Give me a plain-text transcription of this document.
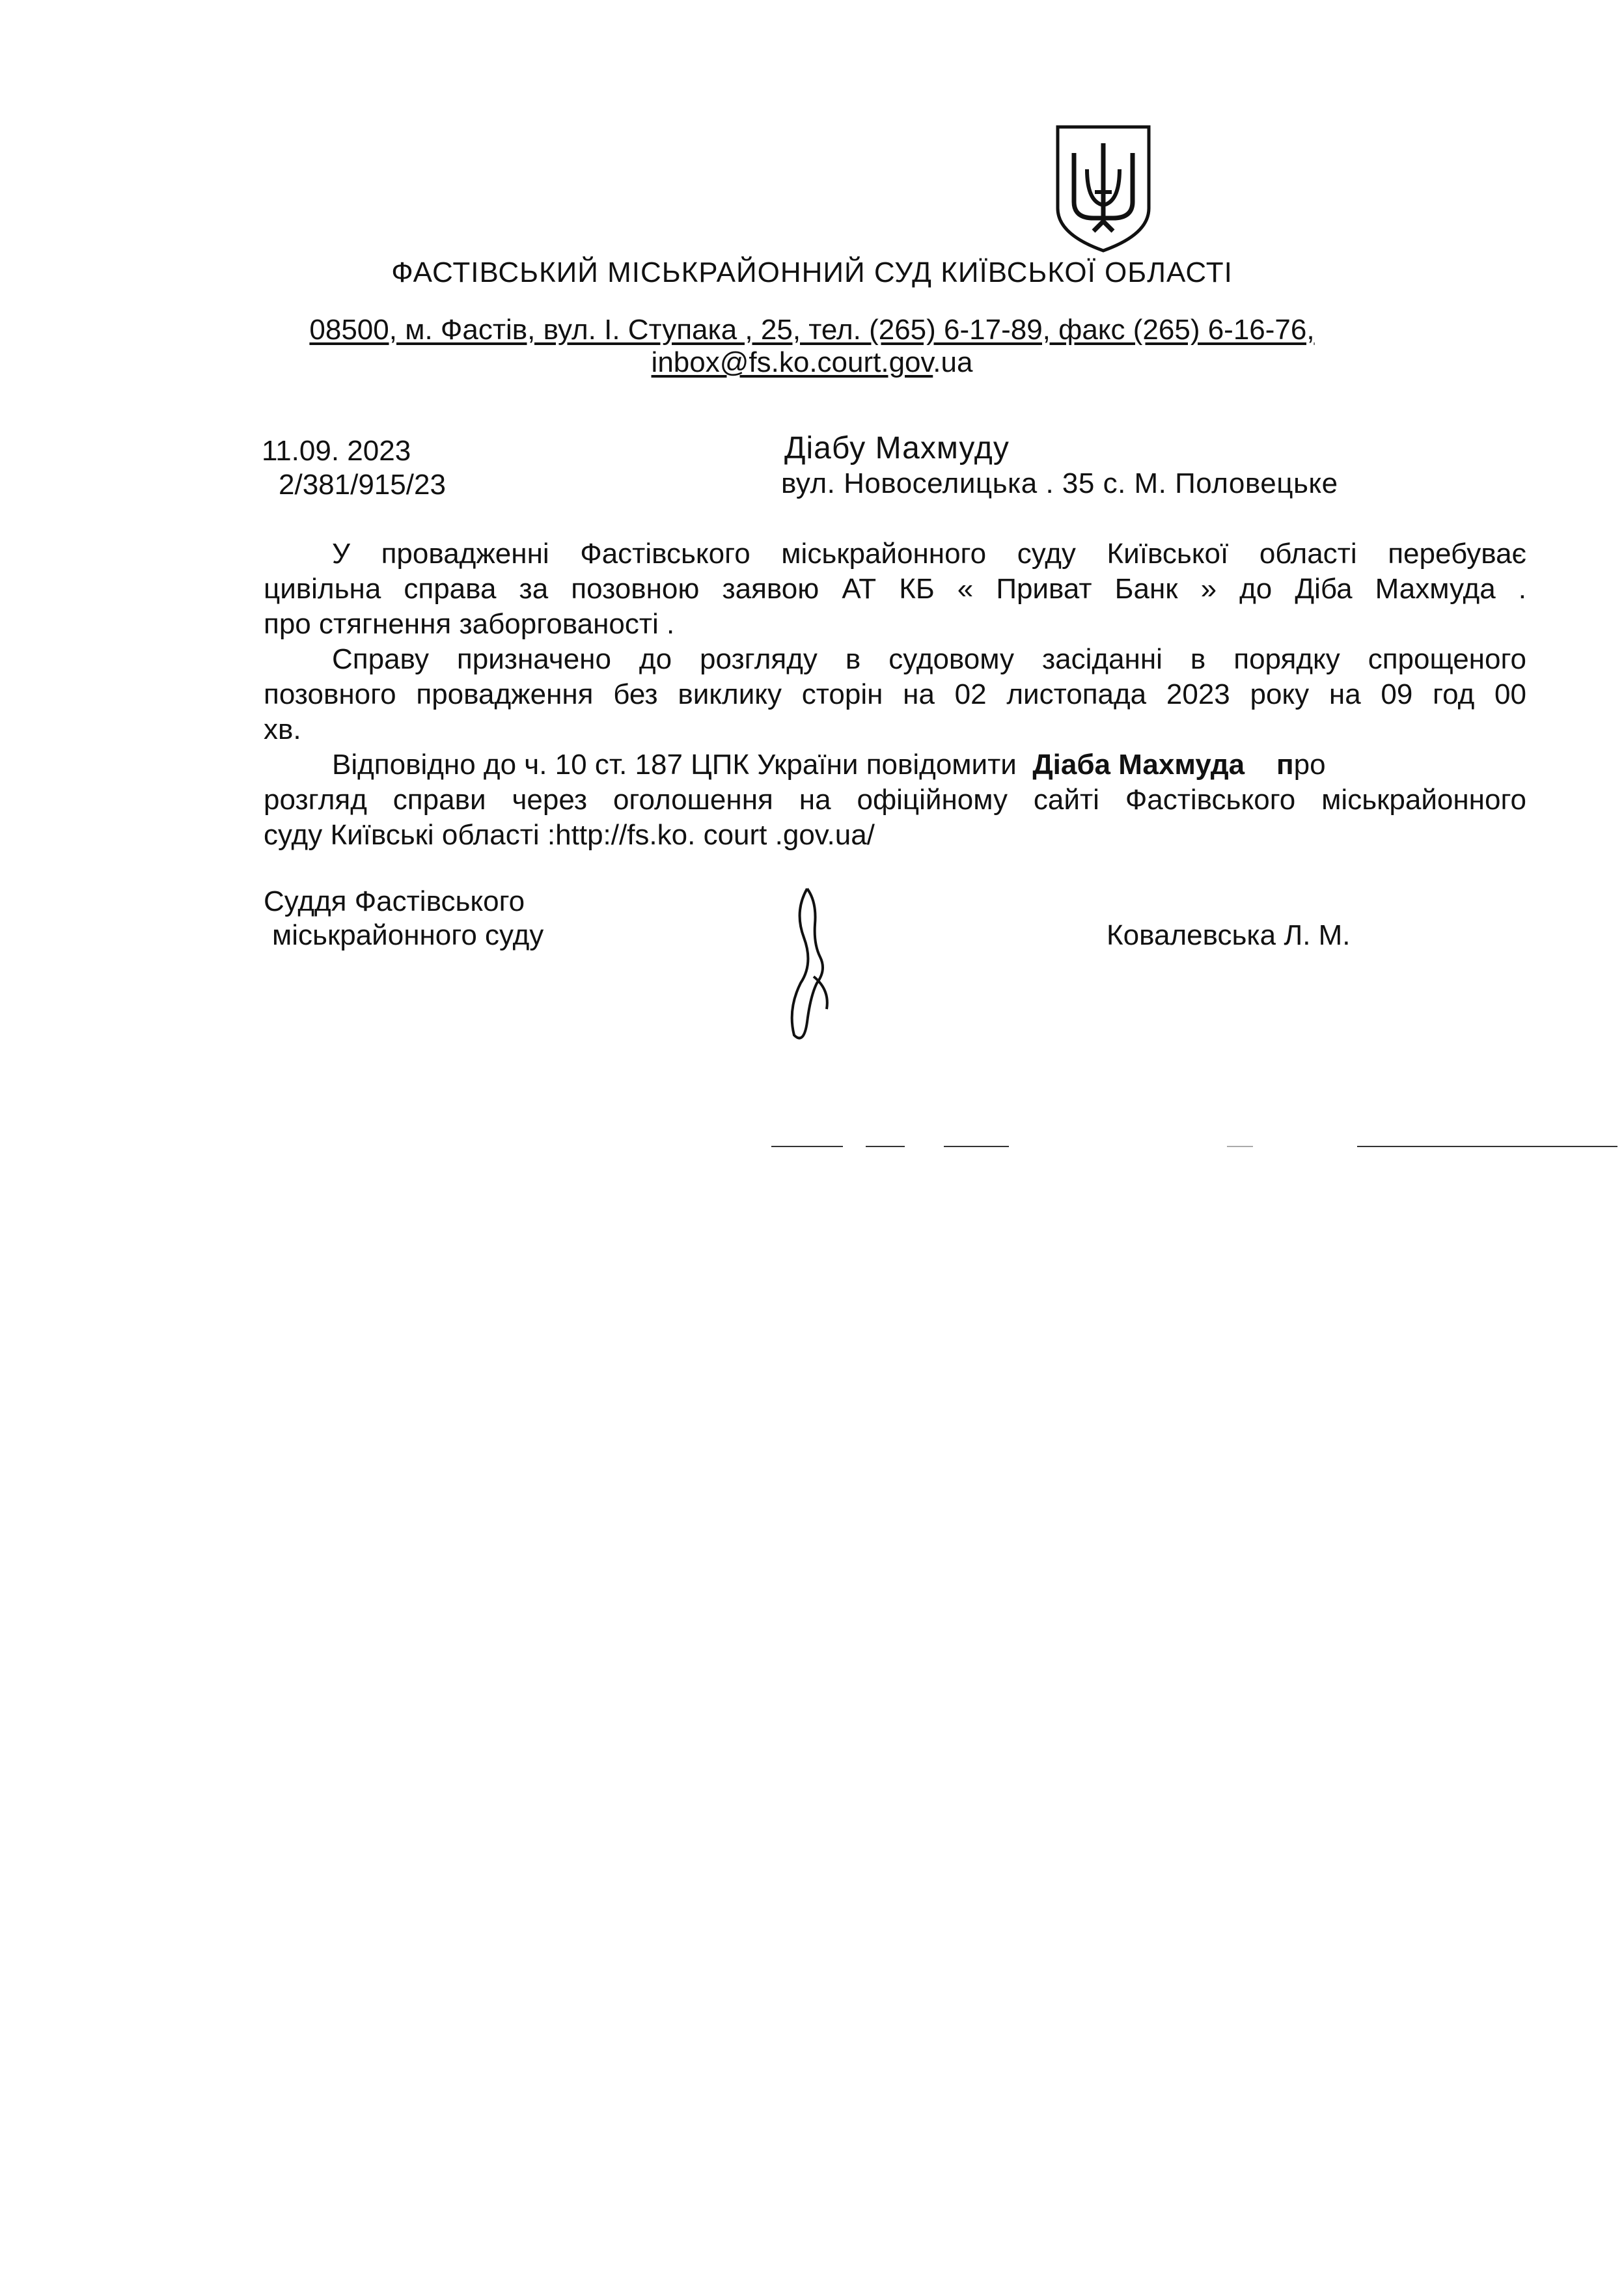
ФАСТІВСЬКИЙ МІСЬКРАЙОННИЙ СУД КИЇВСЬКОЇ ОБЛАСТІ
08500, м. Фастів, вул. І. Ступака , 25, тел. (265) 6-17-89, факс (265) 6-16-76,
inbox@fs.ko.court.gov.ua
11.09. 2023
2/381/915/23
Діабу Махмуду
вул. Новоселицька . 35 с. М. Половецьке
У провадженні Фастівського міськрайонного суду Київської області перебуває
цивільна справа за позовною заявою АТ КБ « Приват Банк » до Діба Махмуда .
про стягнення заборгованості .
Справу призначено до розгляду в судовому засіданні в порядку спрощеного
позовного провадження без виклику сторін на 02 листопада 2023 року на 09 год 00
хв.
Відповідно до ч. 10 ст. 187 ЦПК України повідомити Діаба Махмуда про
розгляд справи через оголошення на офіційному сайті Фастівського міськрайонного
суду Київські області :http://fs.ko. court .gov.ua/
Суддя Фастівського
міськрайонного суду	Ковалевська Л. М.
